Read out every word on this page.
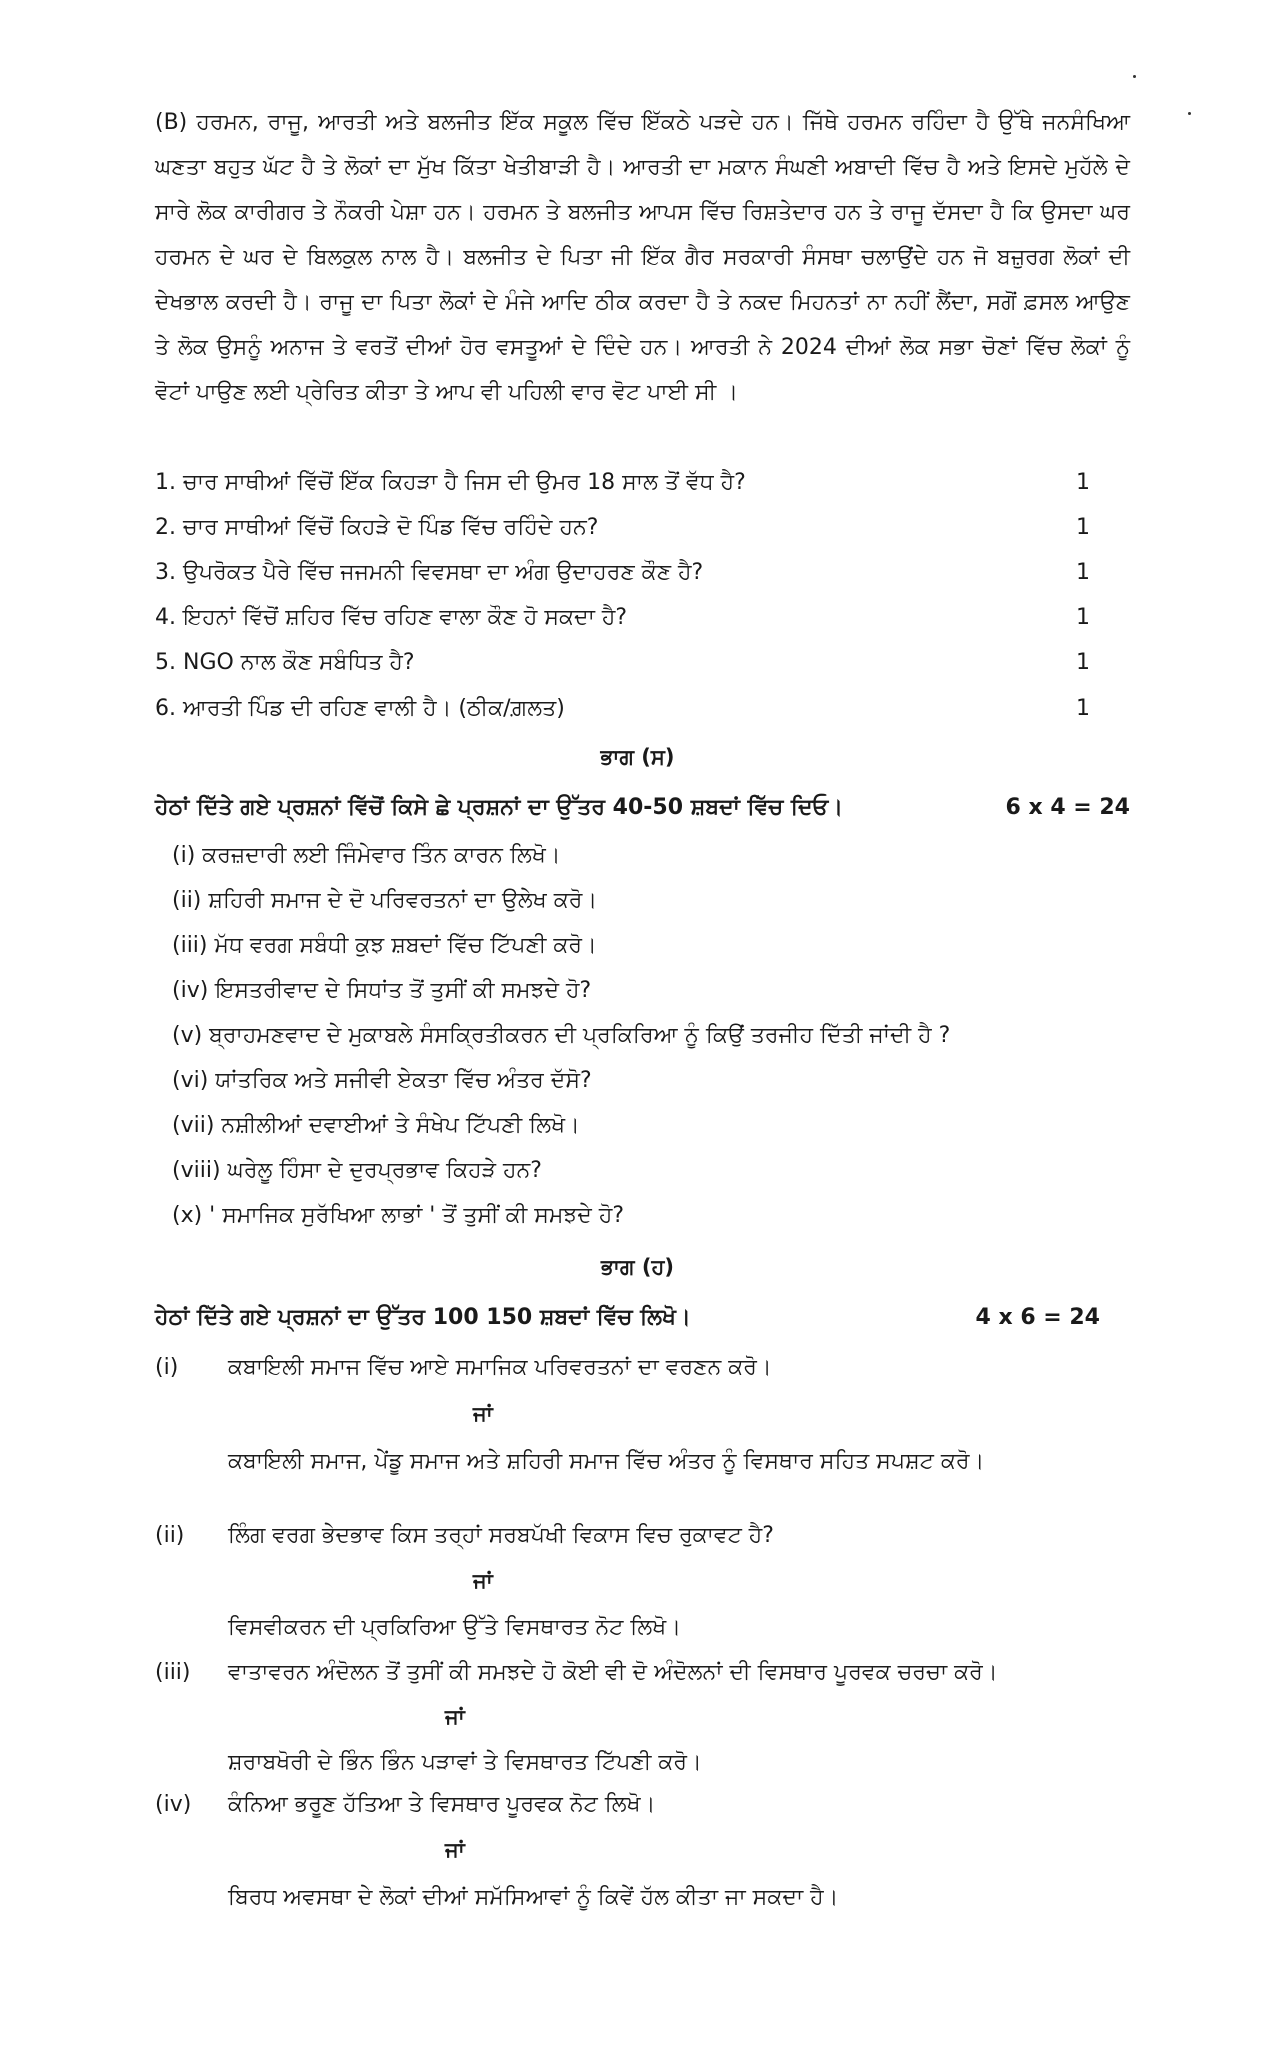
(B) ਹਰਮਨ, ਰਾਜੂ, ਆਰਤੀ ਅਤੇ ਬਲਜੀਤ ਇੱਕ ਸਕੂਲ ਵਿੱਚ ਇੱਕਠੇ ਪੜਦੇ ਹਨ। ਜਿੱਥੇ ਹਰਮਨ ਰਹਿੰਦਾ ਹੈ ਉੱਥੇ ਜਨਸੰਖਿਆ ਘਣਤਾ ਬਹੁਤ ਘੱਟ ਹੈ ਤੇ ਲੋਕਾਂ ਦਾ ਮੁੱਖ ਕਿੱਤਾ ਖੇਤੀਬਾੜੀ ਹੈ। ਆਰਤੀ ਦਾ ਮਕਾਨ ਸੰਘਣੀ ਅਬਾਦੀ ਵਿੱਚ ਹੈ ਅਤੇ ਇਸਦੇ ਮੁਹੱਲੇ ਦੇ ਸਾਰੇ ਲੋਕ ਕਾਰੀਗਰ ਤੇ ਨੌਕਰੀ ਪੇਸ਼ਾ ਹਨ। ਹਰਮਨ ਤੇ ਬਲਜੀਤ ਆਪਸ ਵਿੱਚ ਰਿਸ਼ਤੇਦਾਰ ਹਨ ਤੇ ਰਾਜੂ ਦੱਸਦਾ ਹੈ ਕਿ ਉਸਦਾ ਘਰ ਹਰਮਨ ਦੇ ਘਰ ਦੇ ਬਿਲਕੁਲ ਨਾਲ ਹੈ। ਬਲਜੀਤ ਦੇ ਪਿਤਾ ਜੀ ਇੱਕ ਗੈਰ ਸਰਕਾਰੀ ਸੰਸਥਾ ਚਲਾਉਂਦੇ ਹਨ ਜੋ ਬਜ਼ੁਰਗ ਲੋਕਾਂ ਦੀ ਦੇਖਭਾਲ ਕਰਦੀ ਹੈ। ਰਾਜੂ ਦਾ ਪਿਤਾ ਲੋਕਾਂ ਦੇ ਮੰਜੇ ਆਦਿ ਠੀਕ ਕਰਦਾ ਹੈ ਤੇ ਨਕਦ ਮਿਹਨਤਾਂ ਨਾ ਨਹੀਂ ਲੈਂਦਾ, ਸਗੋਂ ਫ਼ਸਲ ਆਉਣ ਤੇ ਲੋਕ ਉਸਨੂੰ ਅਨਾਜ ਤੇ ਵਰਤੋਂ ਦੀਆਂ ਹੋਰ ਵਸਤੂਆਂ ਦੇ ਦਿੰਦੇ ਹਨ। ਆਰਤੀ ਨੇ 2024 ਦੀਆਂ ਲੋਕ ਸਭਾ ਚੋਣਾਂ ਵਿੱਚ ਲੋਕਾਂ ਨੂੰ ਵੋਟਾਂ ਪਾਉਣ ਲਈ ਪ੍ਰੇਰਿਤ ਕੀਤਾ ਤੇ ਆਪ ਵੀ ਪਹਿਲੀ ਵਾਰ ਵੋਟ ਪਾਈ ਸੀ ।
1. ਚਾਰ ਸਾਥੀਆਂ ਵਿੱਚੋਂ ਇੱਕ ਕਿਹੜਾ ਹੈ ਜਿਸ ਦੀ ਉਮਰ 18 ਸਾਲ ਤੋਂ ਵੱਧ ਹੈ?	1
2. ਚਾਰ ਸਾਥੀਆਂ ਵਿੱਚੋਂ ਕਿਹੜੇ ਦੋ ਪਿੰਡ ਵਿੱਚ ਰਹਿੰਦੇ ਹਨ?	1
3. ਉਪਰੋਕਤ ਪੈਰੇ ਵਿੱਚ ਜਜਮਨੀ ਵਿਵਸਥਾ ਦਾ ਅੰਗ ਉਦਾਹਰਣ ਕੌਣ ਹੈ?	1
4. ਇਹਨਾਂ ਵਿੱਚੋਂ ਸ਼ਹਿਰ ਵਿੱਚ ਰਹਿਣ ਵਾਲਾ ਕੌਣ ਹੋ ਸਕਦਾ ਹੈ?	1
5. NGO ਨਾਲ ਕੌਣ ਸਬੰਧਿਤ ਹੈ?	1
6. ਆਰਤੀ ਪਿੰਡ ਦੀ ਰਹਿਣ ਵਾਲੀ ਹੈ। (ਠੀਕ/ਗ਼ਲਤ)	1
ਭਾਗ (ਸ)
ਹੇਠਾਂ ਦਿੱਤੇ ਗਏ ਪ੍ਰਸ਼ਨਾਂ ਵਿੱਚੋਂ ਕਿਸੇ ਛੇ ਪ੍ਰਸ਼ਨਾਂ ਦਾ ਉੱਤਰ 40-50 ਸ਼ਬਦਾਂ ਵਿੱਚ ਦਿਓ।	6 x 4 = 24
(i) ਕਰਜ਼ਦਾਰੀ ਲਈ ਜਿੰਮੇਵਾਰ ਤਿੰਨ ਕਾਰਨ ਲਿਖੋ।
(ii) ਸ਼ਹਿਰੀ ਸਮਾਜ ਦੇ ਦੋ ਪਰਿਵਰਤਨਾਂ ਦਾ ਉਲੇਖ ਕਰੋ।
(iii) ਮੱਧ ਵਰਗ ਸਬੰਧੀ ਕੁਝ ਸ਼ਬਦਾਂ ਵਿੱਚ ਟਿੱਪਣੀ ਕਰੋ।
(iv) ਇਸਤਰੀਵਾਦ ਦੇ ਸਿਧਾਂਤ ਤੋਂ ਤੁਸੀਂ ਕੀ ਸਮਝਦੇ ਹੋ?
(v) ਬ੍ਰਾਹਮਣਵਾਦ ਦੇ ਮੁਕਾਬਲੇ ਸੰਸਕ੍ਰਿਤੀਕਰਨ ਦੀ ਪ੍ਰਕਿਰਿਆ ਨੂੰ ਕਿਉਂ ਤਰਜੀਹ ਦਿੱਤੀ ਜਾਂਦੀ ਹੈ ?
(vi) ਯਾਂਤਰਿਕ ਅਤੇ ਸਜੀਵੀ ਏਕਤਾ ਵਿੱਚ ਅੰਤਰ ਦੱਸੋ?
(vii) ਨਸ਼ੀਲੀਆਂ ਦਵਾਈਆਂ ਤੇ ਸੰਖੇਪ ਟਿੱਪਣੀ ਲਿਖੋ।
(viii) ਘਰੇਲੂ ਹਿੰਸਾ ਦੇ ਦੁਰਪ੍ਰਭਾਵ ਕਿਹੜੇ ਹਨ?
(x) ' ਸਮਾਜਿਕ ਸੁਰੱਖਿਆ ਲਾਭਾਂ ' ਤੋਂ ਤੁਸੀਂ ਕੀ ਸਮਝਦੇ ਹੋ?
ਭਾਗ (ਹ)
ਹੇਠਾਂ ਦਿੱਤੇ ਗਏ ਪ੍ਰਸ਼ਨਾਂ ਦਾ ਉੱਤਰ 100 150 ਸ਼ਬਦਾਂ ਵਿੱਚ ਲਿਖੋ।	4 x 6 = 24
(i) ਕਬਾਇਲੀ ਸਮਾਜ ਵਿੱਚ ਆਏ ਸਮਾਜਿਕ ਪਰਿਵਰਤਨਾਂ ਦਾ ਵਰਣਨ ਕਰੋ।
ਜਾਂ
ਕਬਾਇਲੀ ਸਮਾਜ, ਪੇਂਡੂ ਸਮਾਜ ਅਤੇ ਸ਼ਹਿਰੀ ਸਮਾਜ ਵਿੱਚ ਅੰਤਰ ਨੂੰ ਵਿਸਥਾਰ ਸਹਿਤ ਸਪਸ਼ਟ ਕਰੋ।
(ii) ਲਿੰਗ ਵਰਗ ਭੇਦਭਾਵ ਕਿਸ ਤਰ੍ਹਾਂ ਸਰਬਪੱਖੀ ਵਿਕਾਸ ਵਿਚ ਰੁਕਾਵਟ ਹੈ?
ਜਾਂ
ਵਿਸਵੀਕਰਨ ਦੀ ਪ੍ਰਕਿਰਿਆ ਉੱਤੇ ਵਿਸਥਾਰਤ ਨੋਟ ਲਿਖੋ।
(iii) ਵਾਤਾਵਰਨ ਅੰਦੋਲਨ ਤੋਂ ਤੁਸੀਂ ਕੀ ਸਮਝਦੇ ਹੋ ਕੋਈ ਵੀ ਦੋ ਅੰਦੋਲਨਾਂ ਦੀ ਵਿਸਥਾਰ ਪੂਰਵਕ ਚਰਚਾ ਕਰੋ।
ਜਾਂ
ਸ਼ਰਾਬਖੋਰੀ ਦੇ ਭਿੰਨ ਭਿੰਨ ਪੜਾਵਾਂ ਤੇ ਵਿਸਥਾਰਤ ਟਿੱਪਣੀ ਕਰੋ।
(iv) ਕੰਨਿਆ ਭਰੂਣ ਹੱਤਿਆ ਤੇ ਵਿਸਥਾਰ ਪੂਰਵਕ ਨੋਟ ਲਿਖੋ।
ਜਾਂ
ਬਿਰਧ ਅਵਸਥਾ ਦੇ ਲੋਕਾਂ ਦੀਆਂ ਸਮੱਸਿਆਵਾਂ ਨੂੰ ਕਿਵੇਂ ਹੱਲ ਕੀਤਾ ਜਾ ਸਕਦਾ ਹੈ।
